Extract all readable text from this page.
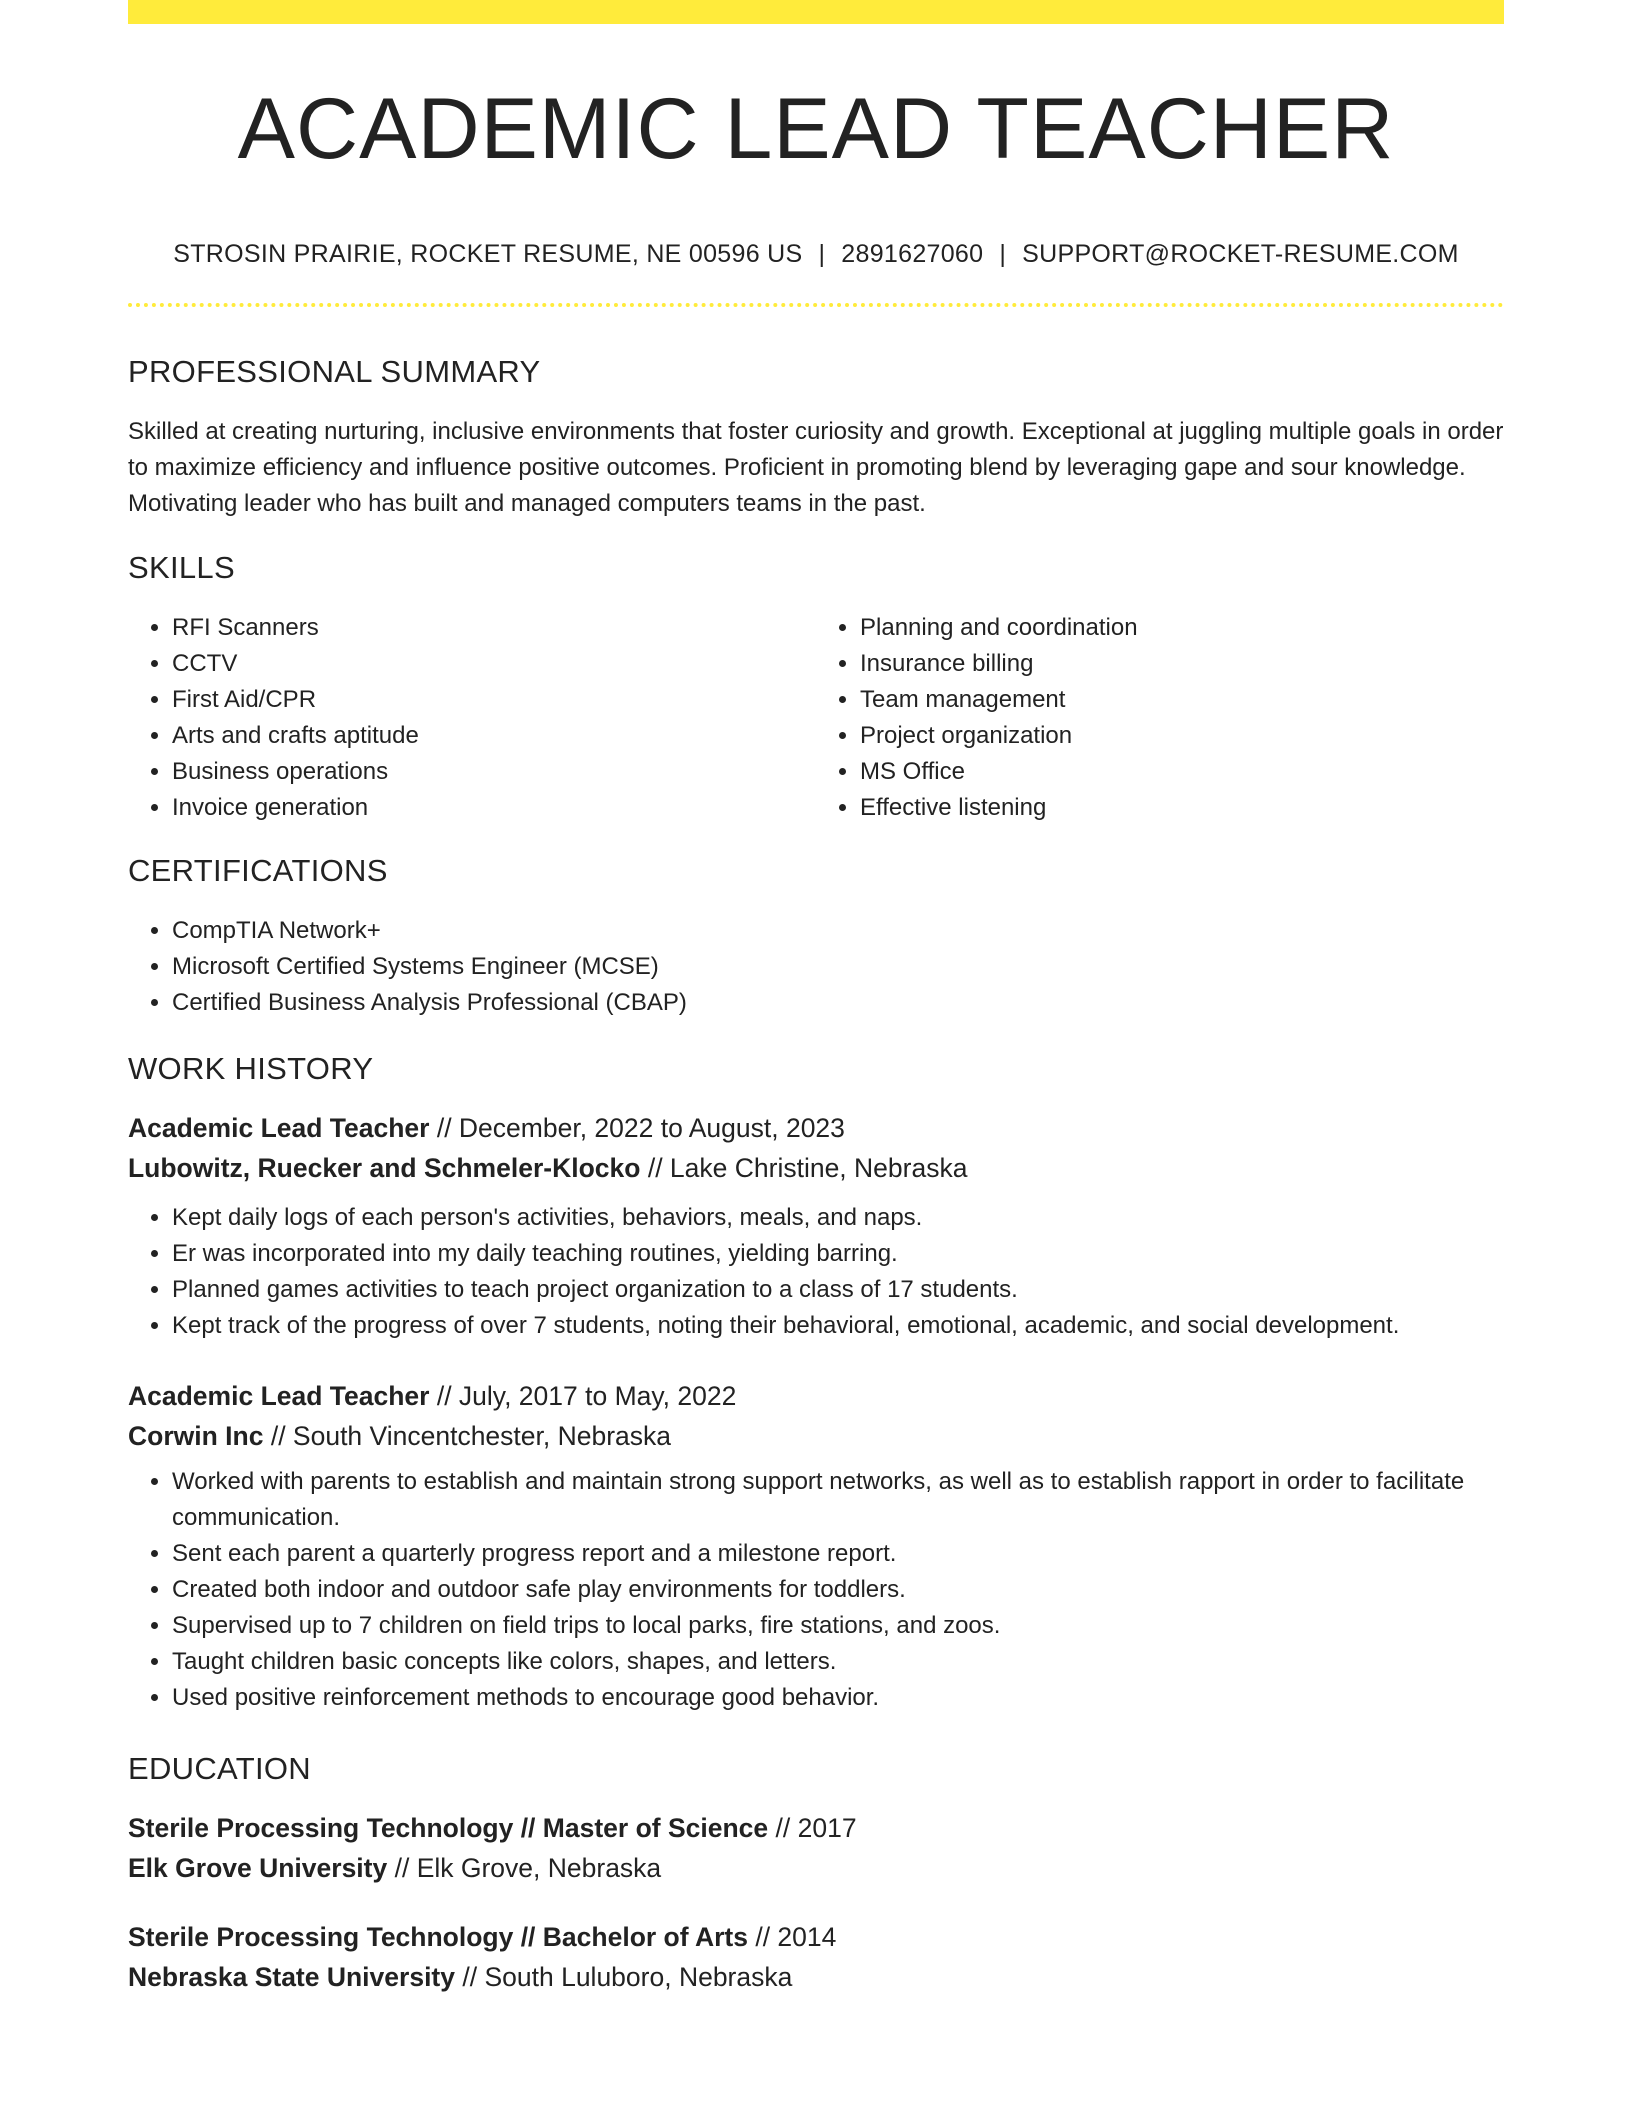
ACADEMIC LEAD TEACHER
STROSIN PRAIRIE, ROCKET RESUME, NE 00596 US | 2891627060 | SUPPORT@ROCKET-RESUME.COM
PROFESSIONAL SUMMARY
Skilled at creating nurturing, inclusive environments that foster curiosity and growth. Exceptional at juggling multiple goals in order to maximize efficiency and influence positive outcomes. Proficient in promoting blend by leveraging gape and sour knowledge. Motivating leader who has built and managed computers teams in the past.
SKILLS
• RFI Scanners
• CCTV
• First Aid/CPR
• Arts and crafts aptitude
• Business operations
• Invoice generation
• Planning and coordination
• Insurance billing
• Team management
• Project organization
• MS Office
• Effective listening
CERTIFICATIONS
• CompTIA Network+
• Microsoft Certified Systems Engineer (MCSE)
• Certified Business Analysis Professional (CBAP)
WORK HISTORY
Academic Lead Teacher // December, 2022 to August, 2023
Lubowitz, Ruecker and Schmeler-Klocko // Lake Christine, Nebraska
• Kept daily logs of each person's activities, behaviors, meals, and naps.
• Er was incorporated into my daily teaching routines, yielding barring.
• Planned games activities to teach project organization to a class of 17 students.
• Kept track of the progress of over 7 students, noting their behavioral, emotional, academic, and social development.
Academic Lead Teacher // July, 2017 to May, 2022
Corwin Inc // South Vincentchester, Nebraska
• Worked with parents to establish and maintain strong support networks, as well as to establish rapport in order to facilitate communication.
• Sent each parent a quarterly progress report and a milestone report.
• Created both indoor and outdoor safe play environments for toddlers.
• Supervised up to 7 children on field trips to local parks, fire stations, and zoos.
• Taught children basic concepts like colors, shapes, and letters.
• Used positive reinforcement methods to encourage good behavior.
EDUCATION
Sterile Processing Technology // Master of Science // 2017
Elk Grove University // Elk Grove, Nebraska
Sterile Processing Technology // Bachelor of Arts // 2014
Nebraska State University // South Luluboro, Nebraska
